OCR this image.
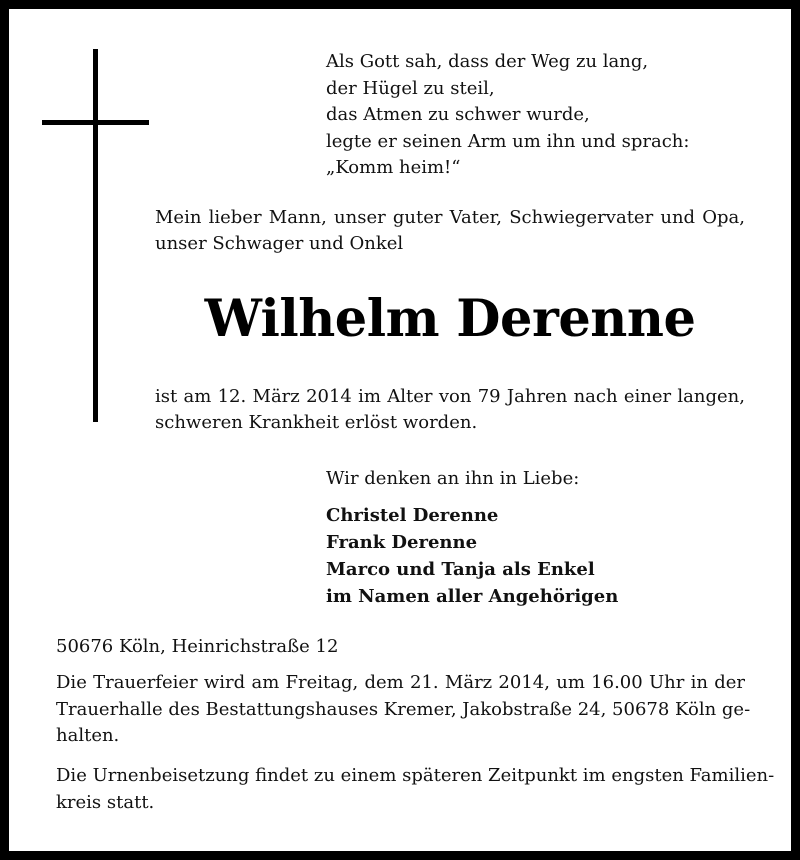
Als Gott sah, dass der Weg zu lang,
der Hügel zu steil,
das Atmen zu schwer wurde,
legte er seinen Arm um ihn und sprach:
„Komm heim!“
Mein lieber Mann, unser guter Vater, Schwiegervater und Opa,
unser Schwager und Onkel
Wilhelm Derenne
ist am 12. März 2014 im Alter von 79 Jahren nach einer langen,
schweren Krankheit erlöst worden.
Wir denken an ihn in Liebe:
Christel Derenne
Frank Derenne
Marco und Tanja als Enkel
im Namen aller Angehörigen
50676 Köln, Heinrichstraße 12
Die Trauerfeier wird am Freitag, dem 21. März 2014, um 16.00 Uhr in der
Trauerhalle des Bestattungshauses Kremer, Jakobstraße 24, 50678 Köln ge-
halten.
Die Urnenbeisetzung findet zu einem späteren Zeitpunkt im engsten Familien-
kreis statt.
